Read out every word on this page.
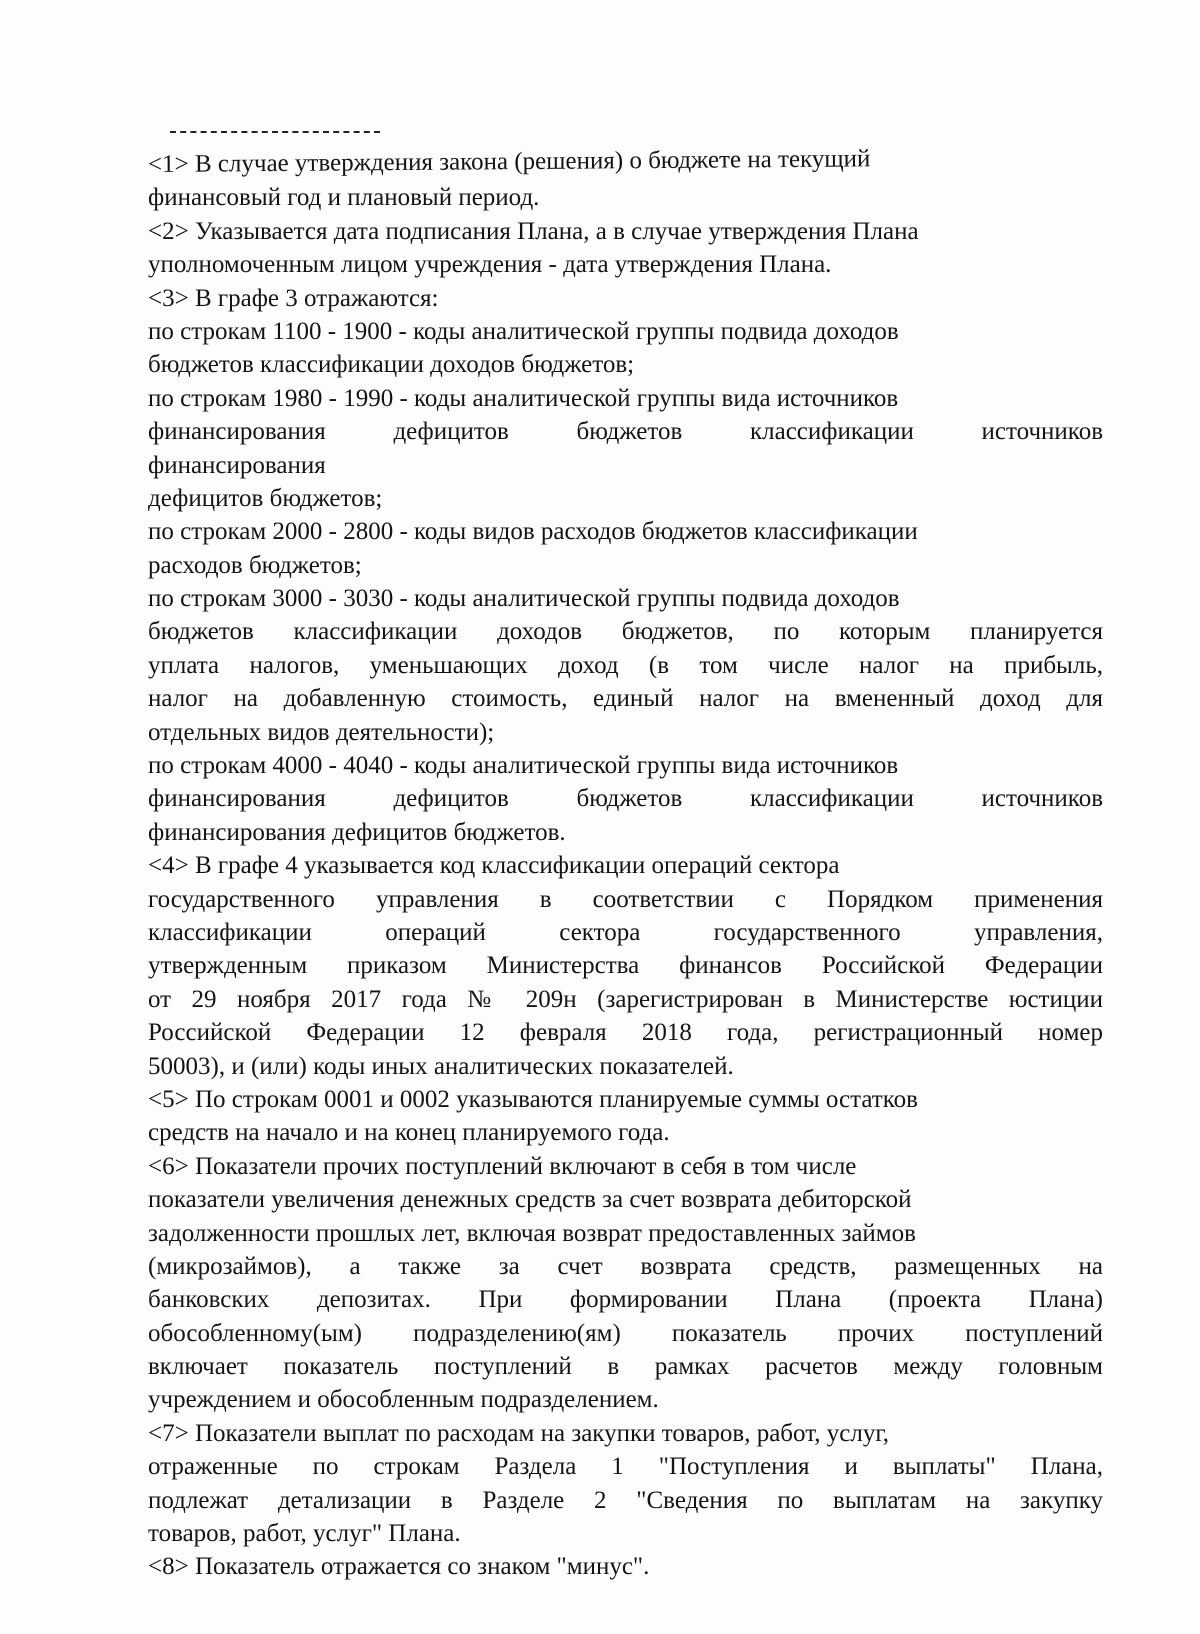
<1> В случае утверждения закона (решения) о бюджете на текущий
финансовый год и плановый период.
<2> Указывается дата подписания Плана, а в случае утверждения Плана
уполномоченным лицом учреждения - дата утверждения Плана.
<3> В графе 3 отражаются:
по строкам 1100 - 1900 - коды аналитической группы подвида доходов
бюджетов классификации доходов бюджетов;
по строкам 1980 - 1990 - коды аналитической группы вида источников
финансирования дефицитов бюджетов классификации источников
финансирования
дефицитов бюджетов;
по строкам 2000 - 2800 - коды видов расходов бюджетов классификации
расходов бюджетов;
по строкам 3000 - 3030 - коды аналитической группы подвида доходов
бюджетов классификации доходов бюджетов, по которым планируется
уплата налогов, уменьшающих доход (в том числе налог на прибыль,
налог на добавленную стоимость, единый налог на вмененный доход для
отдельных видов деятельности);
по строкам 4000 - 4040 - коды аналитической группы вида источников
финансирования дефицитов бюджетов классификации источников
финансирования дефицитов бюджетов.
<4> В графе 4 указывается код классификации операций сектора
государственного управления в соответствии с Порядком применения
классификации операций сектора государственного управления,
утвержденным приказом Министерства финансов Российской Федерации
от 29 ноября 2017 года № 209н (зарегистрирован в Министерстве юстиции
Российской Федерации 12 февраля 2018 года, регистрационный номер
50003), и (или) коды иных аналитических показателей.
<5> По строкам 0001 и 0002 указываются планируемые суммы остатков
средств на начало и на конец планируемого года.
<6> Показатели прочих поступлений включают в себя в том числе
показатели увеличения денежных средств за счет возврата дебиторской
задолженности прошлых лет, включая возврат предоставленных займов
(микрозаймов), а также за счет возврата средств, размещенных на
банковских депозитах. При формировании Плана (проекта Плана)
обособленному(ым) подразделению(ям) показатель прочих поступлений
включает показатель поступлений в рамках расчетов между головным
учреждением и обособленным подразделением.
<7> Показатели выплат по расходам на закупки товаров, работ, услуг,
отраженные по строкам Раздела 1 "Поступления и выплаты" Плана,
подлежат детализации в Разделе 2 "Сведения по выплатам на закупку
товаров, работ, услуг" Плана.
<8> Показатель отражается со знаком "минус".
